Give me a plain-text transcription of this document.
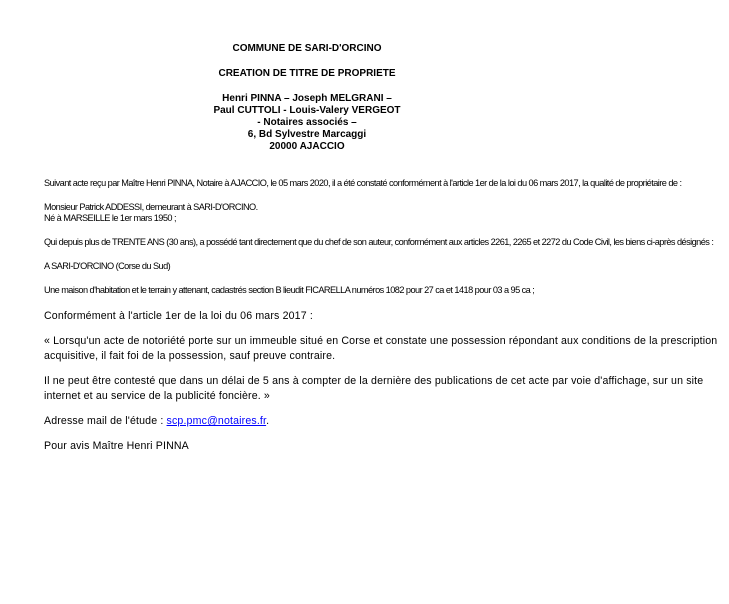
COMMUNE DE SARI-D'ORCINO
CREATION DE TITRE DE PROPRIETE
Henri PINNA – Joseph MELGRANI –
Paul CUTTOLI - Louis-Valery VERGEOT
- Notaires associés –
6, Bd Sylvestre Marcaggi
20000 AJACCIO
Suivant acte reçu par Maître Henri PINNA, Notaire à AJACCIO, le 05 mars 2020, il a été constaté conformément à l'article 1er de la loi du 06 mars 2017, la qualité de propriétaire de :
Monsieur Patrick ADDESSI, demeurant à SARI-D'ORCINO.
Né à MARSEILLE le 1er mars 1950 ;
Qui depuis plus de TRENTE ANS (30 ans), a possédé tant directement que du chef de son auteur, conformément aux articles 2261, 2265 et 2272 du Code Civil, les biens ci-après désignés :
A SARI-D'ORCINO (Corse du Sud)
Une maison d'habitation et le terrain y attenant, cadastrés section B lieudit FICARELLA numéros 1082 pour 27 ca et 1418 pour 03 a 95 ca ;
Conformément à l'article 1er de la loi du 06 mars 2017 :
« Lorsqu'un acte de notoriété porte sur un immeuble situé en Corse et constate une possession répondant aux conditions de la prescription
acquisitive, il fait foi de la possession, sauf preuve contraire.
Il ne peut être contesté que dans un délai de 5 ans à compter de la dernière des publications de cet acte par voie d'affichage, sur un site
internet et au service de la publicité foncière. »
Adresse mail de l'étude : scp.pmc@notaires.fr.
Pour avis Maître Henri PINNA
